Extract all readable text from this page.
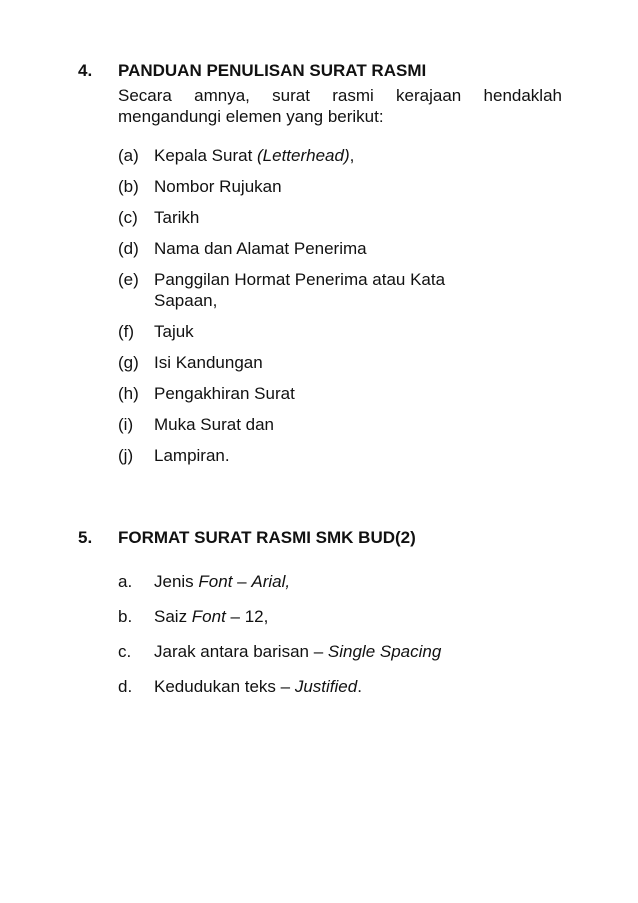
4.	PANDUAN PENULISAN SURAT RASMI
Secara amnya, surat rasmi kerajaan hendaklah
mengandungi elemen yang berikut:
(a) Kepala Surat (Letterhead),
(b) Nombor Rujukan
(c) Tarikh
(d) Nama dan Alamat Penerima
(e) Panggilan Hormat Penerima atau Kata Sapaan,
(f)	Tajuk
(g) Isi Kandungan
(h) Pengakhiran Surat
(i)	Muka Surat dan
(j)	Lampiran.
5.	FORMAT SURAT RASMI SMK BUD(2)
a.	Jenis Font – Arial,
b.	Saiz Font – 12,
c.	Jarak antara barisan – Single Spacing
d.	Kedudukan teks – Justified.
